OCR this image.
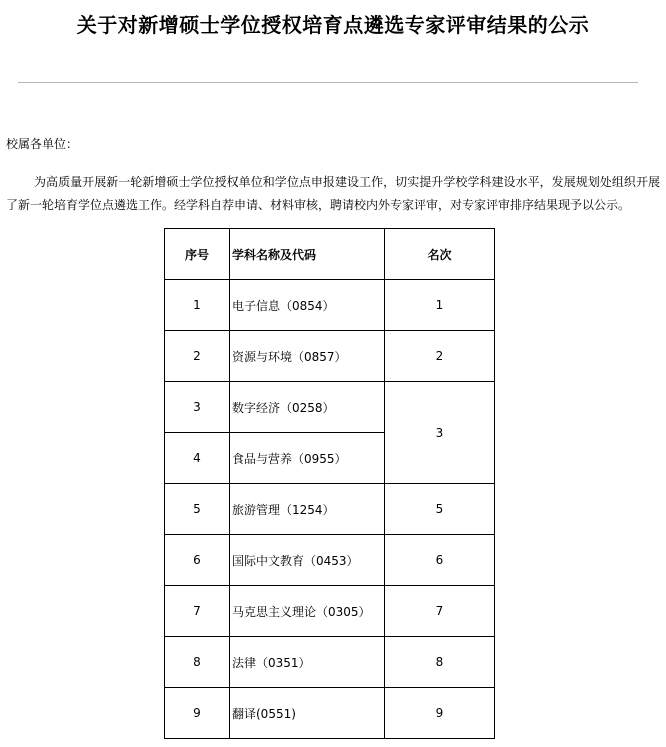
关于对新增硕士学位授权培育点遴选专家评审结果的公示
校属各单位：
为高质量开展新一轮新增硕士学位授权单位和学位点申报建设工作，切实提升学校学科建设水平，发展规划处组织开展了新一轮培育学位点遴选工作。经学科自荐申请、材料审核，聘请校内外专家评审，对专家评审排序结果现予以公示。
序号	学科名称及代码	名次
1	电子信息（0854）	1
2	资源与环境（0857）	2
3	数字经济（0258）	3
4	食品与营养（0955）	
5	旅游管理（1254）	5
6	国际中文教育（0453）	6
7	马克思主义理论（0305）	7
8	法律（0351）	8
9	翻译(0551)	9
